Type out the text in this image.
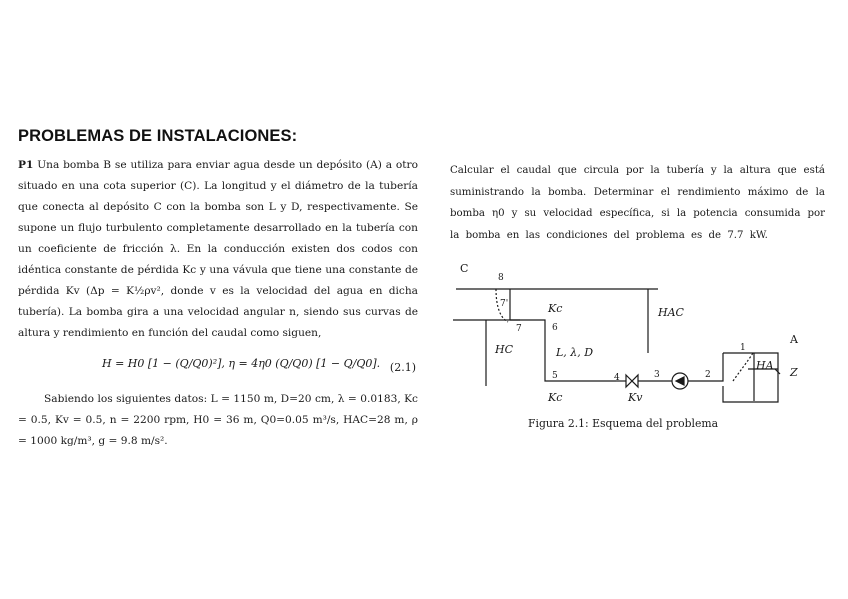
PROBLEMAS DE INSTALACIONES:

P1 Una bomba B se utiliza para enviar agua desde un depósito (A) a otro situado en una cota superior (C). La longitud y el diámetro de la tubería que conecta al depósito C con la bomba son L y D, respectivamente. Se supone un flujo turbulento completamente desarrollado en la tubería con un coeficiente de fricción λ. En la conducción existen dos codos con idéntica constante de pérdida Kc y una vávula que tiene una constante de pérdida Kv (Δp = K½ρv², donde v es la velocidad del agua en dicha tubería). La bomba gira a una velocidad angular n, siendo sus curvas de altura y rendimiento en función del caudal como siguen,

H = H0 [1 − (Q/Q0)²], η = 4η0 (Q/Q0) [1 − Q/Q0]. (2.1)

Sabiendo los siguientes datos: L = 1150 m, D=20 cm, λ = 0.0183, Kc = 0.5, Kv = 0.5, n = 2200 rpm, H0 = 36 m, Q0=0.05 m³/s, HAC=28 m, ρ = 1000 kg/m³, g = 9.8 m/s².

Calcular el caudal que circula por la tubería y la altura que está suministrando la bomba. Determinar el rendimiento máximo de la bomba η0 y su velocidad específica, si la potencia consumida por la bomba en las condiciones del problema es de 7.7 kW.

C
8
7'
7	6
5	4	3	2
1
A
Kc
Kc	Kv
HAC
HC	L, λ, D
HA
Z
Figura 2.1: Esquema del problema
